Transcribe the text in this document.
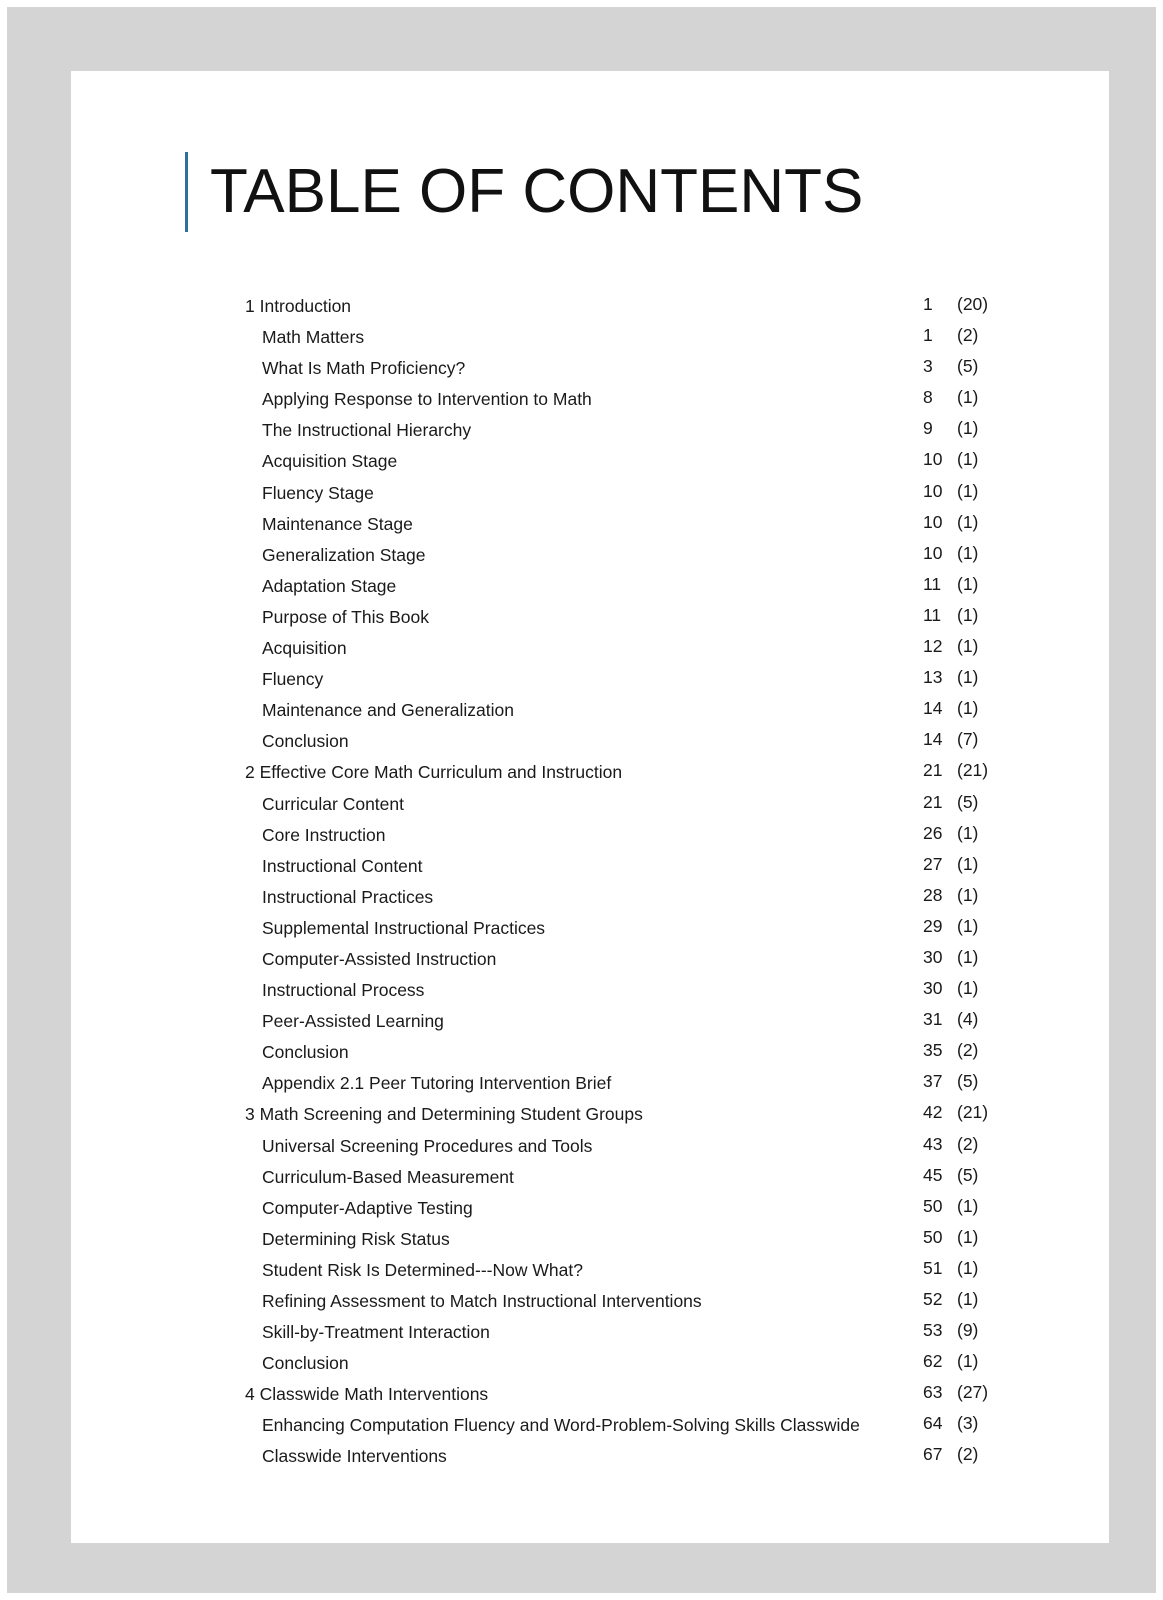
TABLE OF CONTENTS
1 Introduction	1	(20)
Math Matters	1	(2)
What Is Math Proficiency?	3	(5)
Applying Response to Intervention to Math	8	(1)
The Instructional Hierarchy	9	(1)
Acquisition Stage	10 (1)
Fluency Stage	10 (1)
Maintenance Stage	10 (1)
Generalization Stage	10 (1)
Adaptation Stage	11 (1)
Purpose of This Book	11 (1)
Acquisition	12 (1)
Fluency	13 (1)
Maintenance and Generalization	14 (1)
Conclusion	14 (7)
2 Effective Core Math Curriculum and Instruction	21 (21)
Curricular Content	21 (5)
Core Instruction	26 (1)
Instructional Content	27 (1)
Instructional Practices	28 (1)
Supplemental Instructional Practices	29 (1)
Computer-Assisted Instruction	30 (1)
Instructional Process	30 (1)
Peer-Assisted Learning	31 (4)
Conclusion	35 (2)
Appendix 2.1 Peer Tutoring Intervention Brief	37 (5)
3 Math Screening and Determining Student Groups	42 (21)
Universal Screening Procedures and Tools	43 (2)
Curriculum-Based Measurement	45 (5)
Computer-Adaptive Testing	50 (1)
Determining Risk Status	50 (1)
Student Risk Is Determined---Now What?	51 (1)
Refining Assessment to Match Instructional Interventions	52 (1)
Skill-by-Treatment Interaction	53 (9)
Conclusion	62 (1)
4 Classwide Math Interventions	63 (27)
Enhancing Computation Fluency and Word-Problem-Solving Skills Classwide	64 (3)
Classwide Interventions	67 (2)
